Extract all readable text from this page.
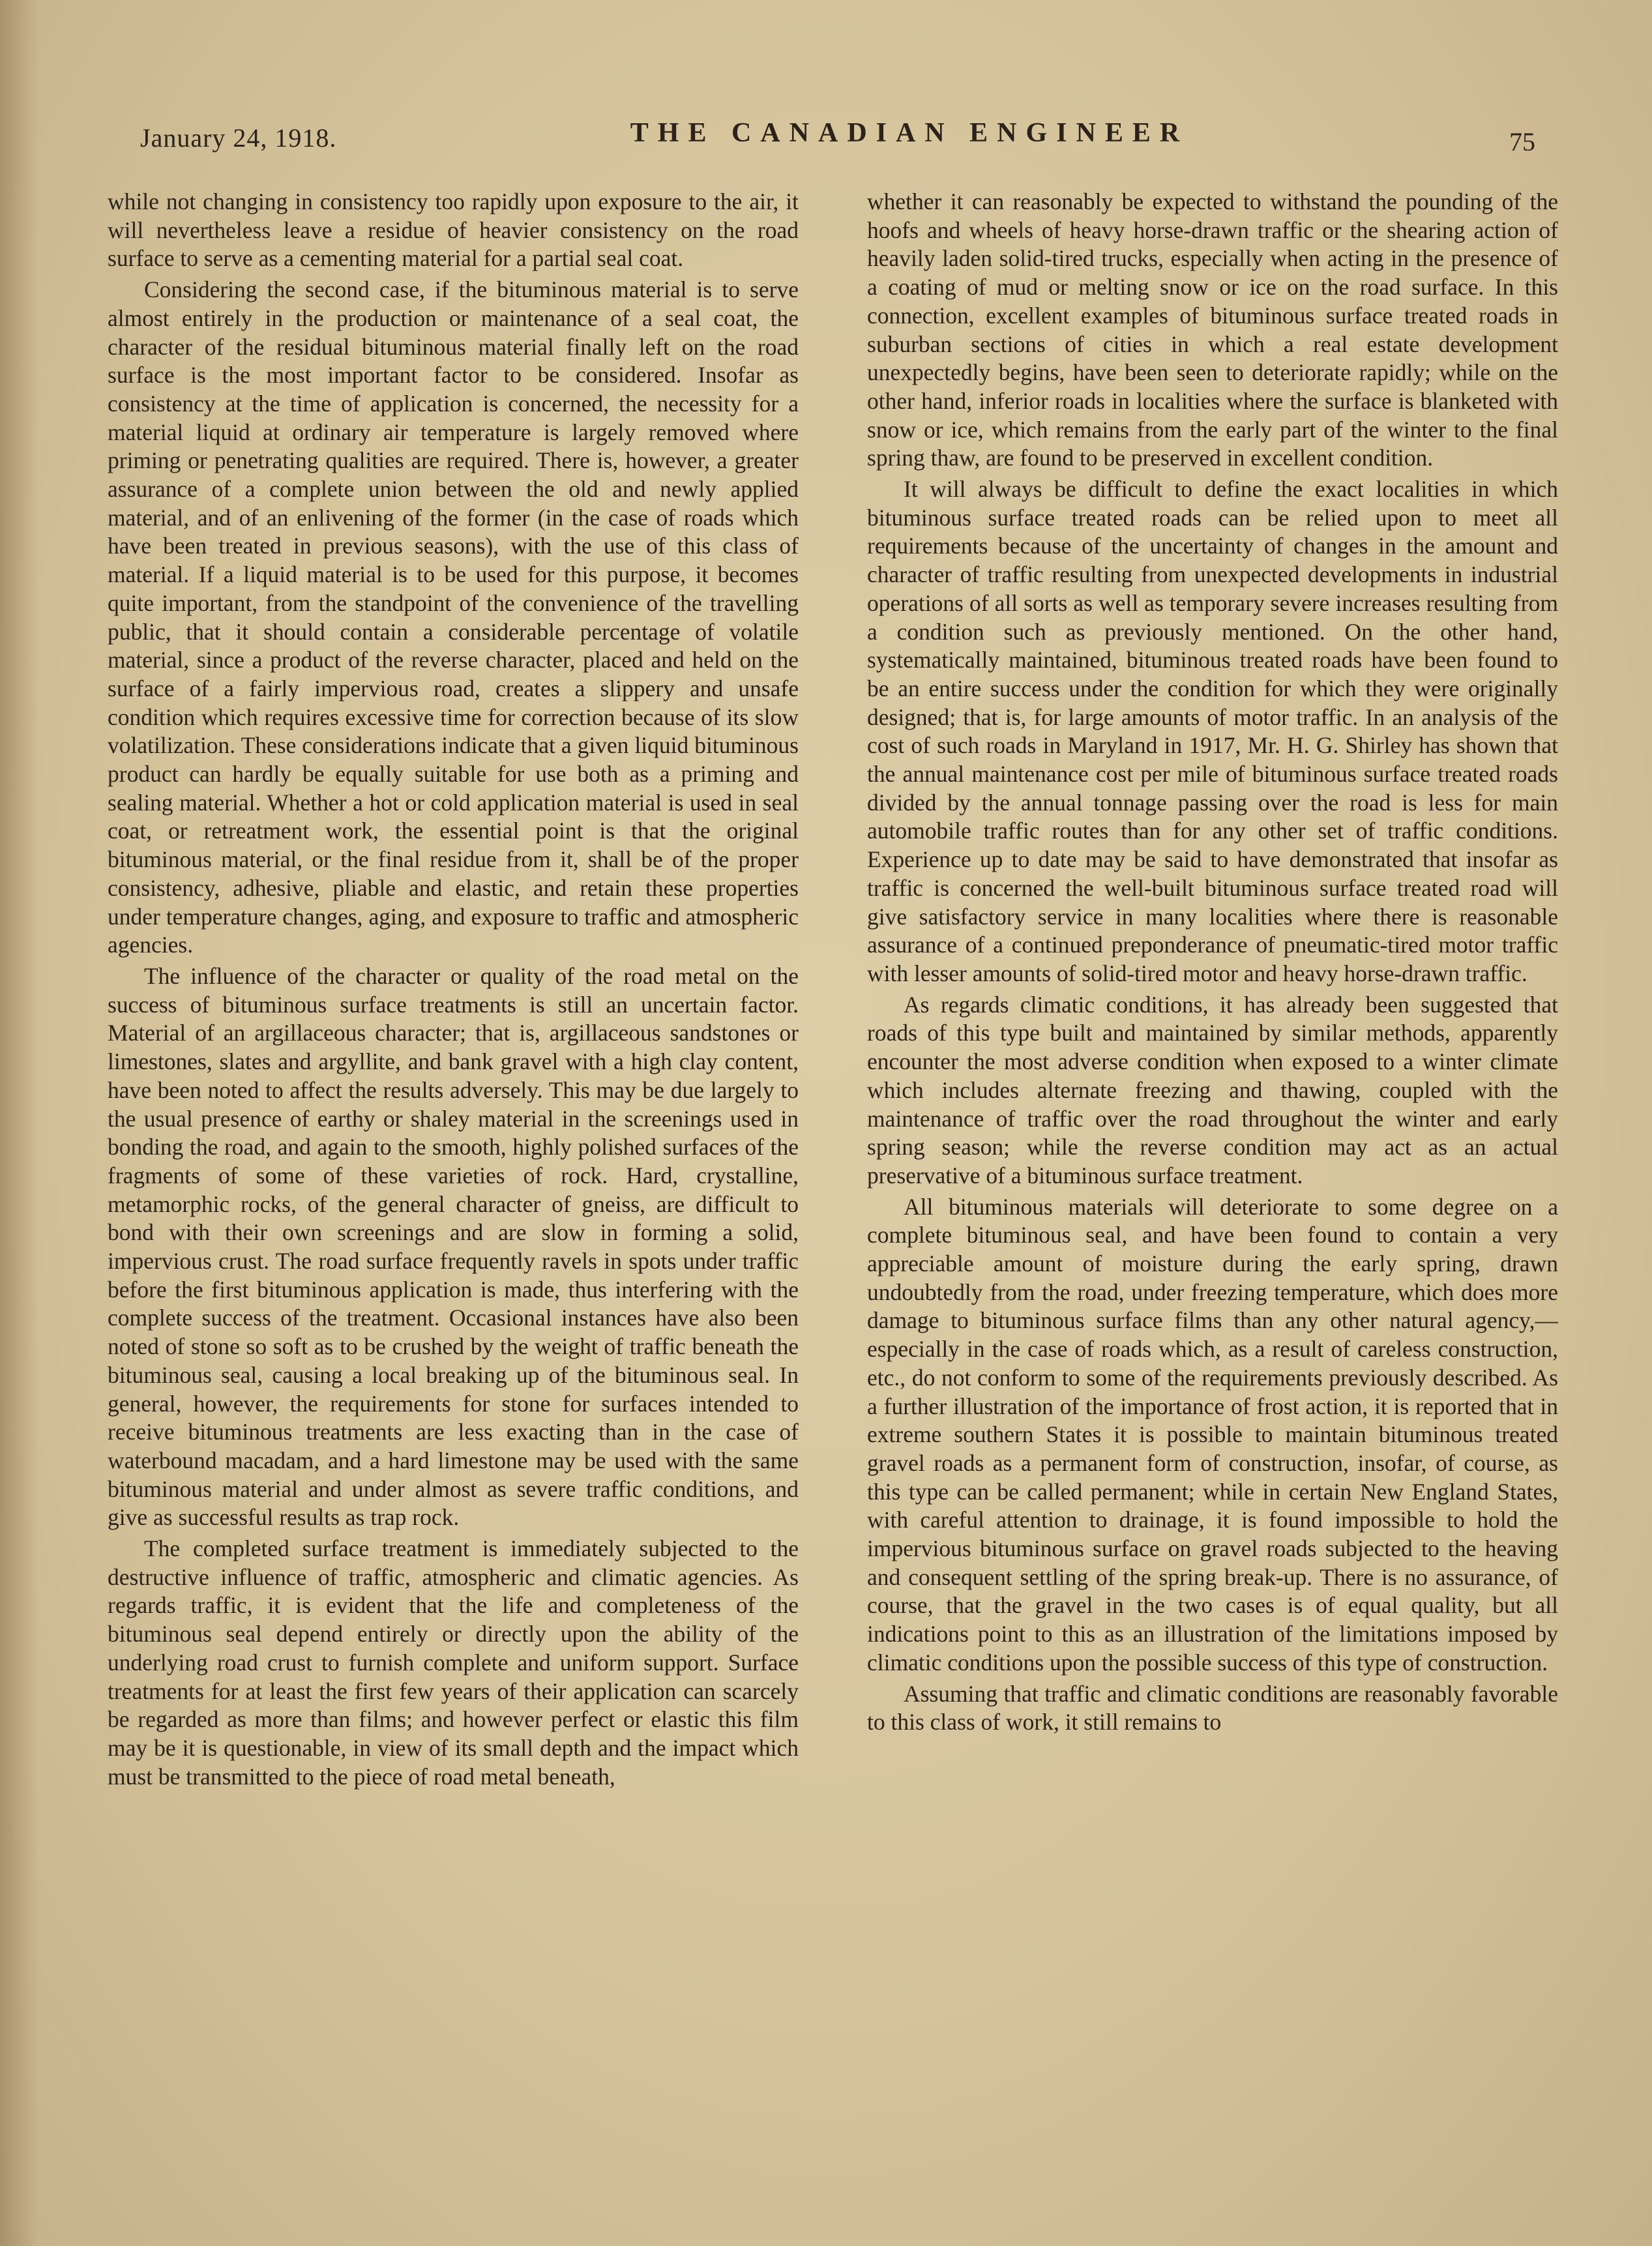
January 24, 1918.	THE CANADIAN ENGINEER	75

while not changing in consistency too rapidly upon exposure to the air, it will nevertheless leave a residue of heavier consistency on the road surface to serve as a cementing material for a partial seal coat.

Considering the second case, if the bituminous material is to serve almost entirely in the production or maintenance of a seal coat, the character of the residual bituminous material finally left on the road surface is the most important factor to be considered. Insofar as consistency at the time of application is concerned, the necessity for a material liquid at ordinary air temperature is largely removed where priming or penetrating qualities are required. There is, however, a greater assurance of a complete union between the old and newly applied material, and of an enlivening of the former (in the case of roads which have been treated in previous seasons), with the use of this class of material. If a liquid material is to be used for this purpose, it becomes quite important, from the standpoint of the convenience of the travelling public, that it should contain a considerable percentage of volatile material, since a product of the reverse character, placed and held on the surface of a fairly impervious road, creates a slippery and unsafe condition which requires excessive time for correction because of its slow volatilization. These considerations indicate that a given liquid bituminous product can hardly be equally suitable for use both as a priming and sealing material. Whether a hot or cold application material is used in seal coat, or retreatment work, the essential point is that the original bituminous material, or the final residue from it, shall be of the proper consistency, adhesive, pliable and elastic, and retain these properties under temperature changes, aging, and exposure to traffic and atmospheric agencies.

The influence of the character or quality of the road metal on the success of bituminous surface treatments is still an uncertain factor. Material of an argillaceous character; that is, argillaceous sandstones or limestones, slates and argyllite, and bank gravel with a high clay content, have been noted to affect the results adversely. This may be due largely to the usual presence of earthy or shaley material in the screenings used in bonding the road, and again to the smooth, highly polished surfaces of the fragments of some of these varieties of rock. Hard, crystalline, metamorphic rocks, of the general character of gneiss, are difficult to bond with their own screenings and are slow in forming a solid, impervious crust. The road surface frequently ravels in spots under traffic before the first bituminous application is made, thus interfering with the complete success of the treatment. Occasional instances have also been noted of stone so soft as to be crushed by the weight of traffic beneath the bituminous seal, causing a local breaking up of the bituminous seal. In general, however, the requirements for stone for surfaces intended to receive bituminous treatments are less exacting than in the case of waterbound macadam, and a hard limestone may be used with the same bituminous material and under almost as severe traffic conditions, and give as successful results as trap rock.

The completed surface treatment is immediately subjected to the destructive influence of traffic, atmospheric and climatic agencies. As regards traffic, it is evident that the life and completeness of the bituminous seal depend entirely or directly upon the ability of the underlying road crust to furnish complete and uniform support. Surface treatments for at least the first few years of their application can scarcely be regarded as more than films; and however perfect or elastic this film may be it is questionable, in view of its small depth and the impact which must be transmitted to the piece of road metal beneath,

whether it can reasonably be expected to withstand the pounding of the hoofs and wheels of heavy horse-drawn traffic or the shearing action of heavily laden solid-tired trucks, especially when acting in the presence of a coating of mud or melting snow or ice on the road surface. In this connection, excellent examples of bituminous surface treated roads in suburban sections of cities in which a real estate development unexpectedly begins, have been seen to deteriorate rapidly; while on the other hand, inferior roads in localities where the surface is blanketed with snow or ice, which remains from the early part of the winter to the final spring thaw, are found to be preserved in excellent condition.

It will always be difficult to define the exact localities in which bituminous surface treated roads can be relied upon to meet all requirements because of the uncertainty of changes in the amount and character of traffic resulting from unexpected developments in industrial operations of all sorts as well as temporary severe increases resulting from a condition such as previously mentioned. On the other hand, systematically maintained, bituminous treated roads have been found to be an entire success under the condition for which they were originally designed; that is, for large amounts of motor traffic. In an analysis of the cost of such roads in Maryland in 1917, Mr. H. G. Shirley has shown that the annual maintenance cost per mile of bituminous surface treated roads divided by the annual tonnage passing over the road is less for main automobile traffic routes than for any other set of traffic conditions. Experience up to date may be said to have demonstrated that insofar as traffic is concerned the well-built bituminous surface treated road will give satisfactory service in many localities where there is reasonable assurance of a continued preponderance of pneumatic-tired motor traffic with lesser amounts of solid-tired motor and heavy horse-drawn traffic.

As regards climatic conditions, it has already been suggested that roads of this type built and maintained by similar methods, apparently encounter the most adverse condition when exposed to a winter climate which includes alternate freezing and thawing, coupled with the maintenance of traffic over the road throughout the winter and early spring season; while the reverse condition may act as an actual preservative of a bituminous surface treatment.

All bituminous materials will deteriorate to some degree on a complete bituminous seal, and have been found to contain a very appreciable amount of moisture during the early spring, drawn undoubtedly from the road, under freezing temperature, which does more damage to bituminous surface films than any other natural agency,—especially in the case of roads which, as a result of careless construction, etc., do not conform to some of the requirements previously described. As a further illustration of the importance of frost action, it is reported that in extreme southern States it is possible to maintain bituminous treated gravel roads as a permanent form of construction, insofar, of course, as this type can be called permanent; while in certain New England States, with careful attention to drainage, it is found impossible to hold the impervious bituminous surface on gravel roads subjected to the heaving and consequent settling of the spring break-up. There is no assurance, of course, that the gravel in the two cases is of equal quality, but all indications point to this as an illustration of the limitations imposed by climatic conditions upon the possible success of this type of construction.

Assuming that traffic and climatic conditions are reasonably favorable to this class of work, it still remains to
